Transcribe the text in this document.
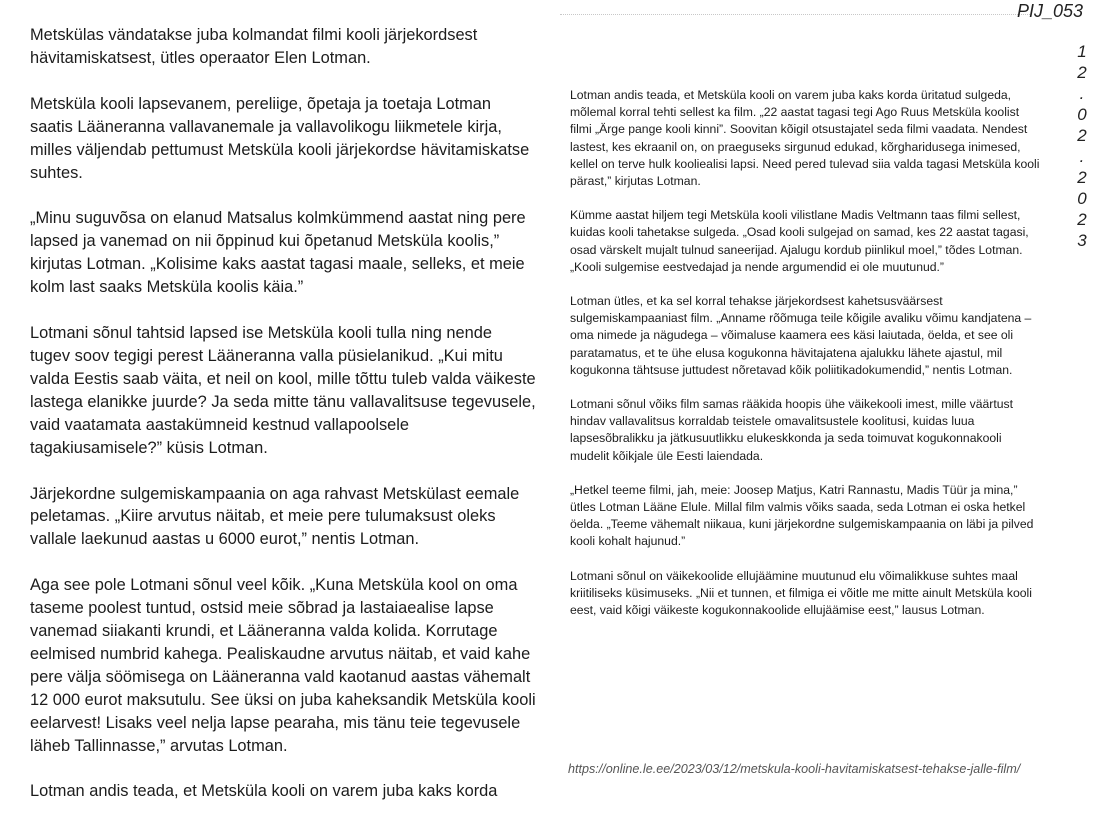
PIJ_053
1
2
.
0
2
.
2
0
2
3

Metskülas vändatakse juba kolmandat filmi kooli järjekordsest
hävitamiskatsest, ütles operaator Elen Lotman.

Metsküla kooli lapsevanem, pereliige, õpetaja ja toetaja Lotman
saatis Lääneranna vallavanemale ja vallavolikogu liikmetele kirja,
milles väljendab pettumust Metsküla kooli järjekordse hävitamiskatse
suhtes.

„Minu suguvõsa on elanud Matsalus kolmkümmend aastat ning pere
lapsed ja vanemad on nii õppinud kui õpetanud Metsküla koolis,”
kirjutas Lotman. „Kolisime kaks aastat tagasi maale, selleks, et meie
kolm last saaks Metsküla koolis käia.”

Lotmani sõnul tahtsid lapsed ise Metsküla kooli tulla ning nende
tugev soov tegigi perest Lääneranna valla püsielanikud. „Kui mitu
valda Eestis saab väita, et neil on kool, mille tõttu tuleb valda väikeste
lastega elanikke juurde? Ja seda mitte tänu vallavalitsuse tegevusele,
vaid vaatamata aastakümneid kestnud vallapoolsele
tagakiusamisele?” küsis Lotman.

Järjekordne sulgemiskampaania on aga rahvast Metskülast eemale
peletamas. „Kiire arvutus näitab, et meie pere tulumaksust oleks
vallale laekunud aastas u 6000 eurot,” nentis Lotman.

Aga see pole Lotmani sõnul veel kõik. „Kuna Metsküla kool on oma
taseme poolest tuntud, ostsid meie sõbrad ja lastaiaealise lapse
vanemad siiakanti krundi, et Lääneranna valda kolida. Korrutage
eelmised numbrid kahega. Pealiskaudne arvutus näitab, et vaid kahe
pere välja söömisega on Lääneranna vald kaotanud aastas vähemalt
12 000 eurot maksutulu. See üksi on juba kaheksandik Metsküla kooli
eelarvest! Lisaks veel nelja lapse pearaha, mis tänu teie tegevusele
läheb Tallinnasse,” arvutas Lotman.

Lotman andis teada, et Metsküla kooli on varem juba kaks korda

Lotman andis teada, et Metsküla kooli on varem juba kaks korda üritatud sulgeda,
mõlemal korral tehti sellest ka film. „22 aastat tagasi tegi Ago Ruus Metsküla koolist
filmi „Ärge pange kooli kinni”. Soovitan kõigil otsustajatel seda filmi vaadata. Nendest
lastest, kes ekraanil on, on praeguseks sirgunud edukad, kõrgharidusega inimesed,
kellel on terve hulk kooliealisi lapsi. Need pered tulevad siia valda tagasi Metsküla kooli
pärast,” kirjutas Lotman.

Kümme aastat hiljem tegi Metsküla kooli vilistlane Madis Veltmann taas filmi sellest,
kuidas kooli tahetakse sulgeda. „Osad kooli sulgejad on samad, kes 22 aastat tagasi,
osad värskelt mujalt tulnud saneerijad. Ajalugu kordub piinlikul moel,” tõdes Lotman.
„Kooli sulgemise eestvedajad ja nende argumendid ei ole muutunud.”

Lotman ütles, et ka sel korral tehakse järjekordsest kahetsusväärsest
sulgemiskampaaniast film. „Anname rõõmuga teile kõigile avaliku võimu kandjatena –
oma nimede ja nägudega – võimaluse kaamera ees käsi laiutada, öelda, et see oli
paratamatus, et te ühe elusa kogukonna hävitajatena ajalukku lähete ajastul, mil
kogukonna tähtsuse juttudest nõretavad kõik poliitikadokumendid,” nentis Lotman.

Lotmani sõnul võiks film samas rääkida hoopis ühe väikekooli imest, mille väärtust
hindav vallavalitsus korraldab teistele omavalitsustele koolitusi, kuidas luua
lapsesõbralikku ja jätkusuutlikku elukeskkonda ja seda toimuvat kogukonnakooli
mudelit kõikjale üle Eesti laiendada.

„Hetkel teeme filmi, jah, meie: Joosep Matjus, Katri Rannastu, Madis Tüür ja mina,”
ütles Lotman Lääne Elule. Millal film valmis võiks saada, seda Lotman ei oska hetkel
öelda. „Teeme vähemalt niikaua, kuni järjekordne sulgemiskampaania on läbi ja pilved
kooli kohalt hajunud.”

Lotmani sõnul on väikekoolide ellujäämine muutunud elu võimalikkuse suhtes maal
kriitiliseks küsimuseks. „Nii et tunnen, et filmiga ei võitle me mitte ainult Metsküla kooli
eest, vaid kõigi väikeste kogukonnakoolide ellujäämise eest,” lausus Lotman.

https://online.le.ee/2023/03/12/metskula-kooli-havitamiskatsest-tehakse-jalle-film/
